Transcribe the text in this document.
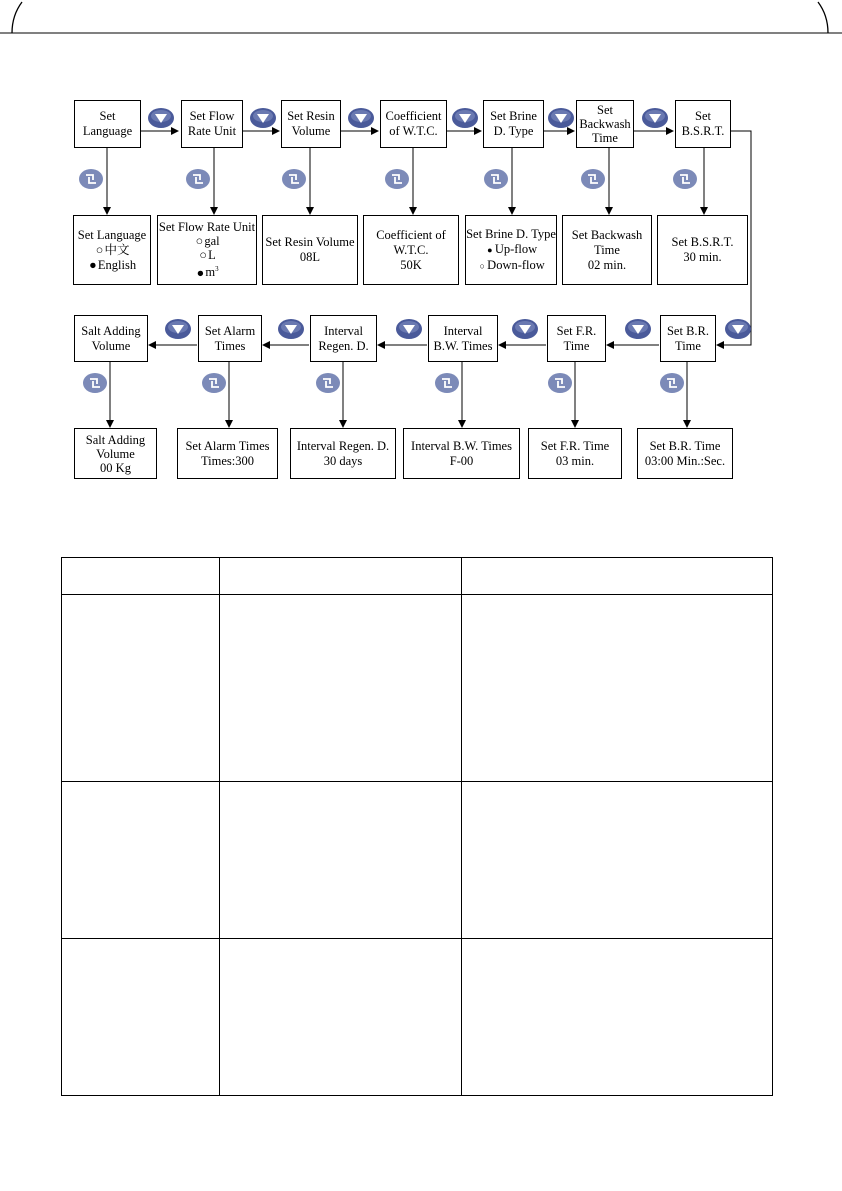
Set
Language
Set Flow
Rate Unit
Set Resin
Volume
Coefficient
of W.T.C.
Set Brine
D. Type
Set
Backwash
Time
Set
B.S.R.T.
Set Language
○中文
●English
Set Flow Rate Unit
○gal
○L
$●m^3$
Set Resin Volume
08L
Coefficient of
W.T.C.
50K
Set Brine D. Type
● Up-flow
○ Down-flow
Set Backwash
Time
02 min.
Set B.S.R.T.
30 min.
Salt Adding
Volume
Set Alarm
Times
Interval
Regen. D.
Interval
B.W. Times
Set F.R.
Time
Set B.R.
Time
Salt Adding
Volume
00 Kg
Set Alarm Times
Times:300
Interval Regen. D.
30 days
Interval B.W. Times
F-00
Set F.R. Time
03 min.
Set B.R. Time
03:00 Min.:Sec.
